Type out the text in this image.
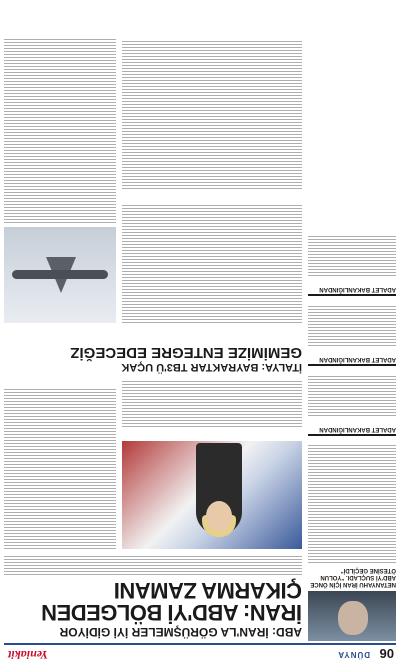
06
DÜNYA
Yeniakit
NETANYAHU İRAN İÇİN ÖNCE ABD'Yİ SUÇLADI. "YOLUN ÖTESİNE GEÇİLDİ"
ADALET BAKANLIĞINDAN
ADALET BAKANLIĞINDAN
ADALET BAKANLIĞINDAN
ABD: İRAN'LA GÖRÜŞMELER İYİ GİDİYOR
İRAN: ABD'Yİ BÖLGEDEN
ÇIKARMA ZAMANI
İTALYA: BAYRAKTAR TB3'Ü UÇAK
GEMİMİZE ENTEGRE EDECEĞİZ
